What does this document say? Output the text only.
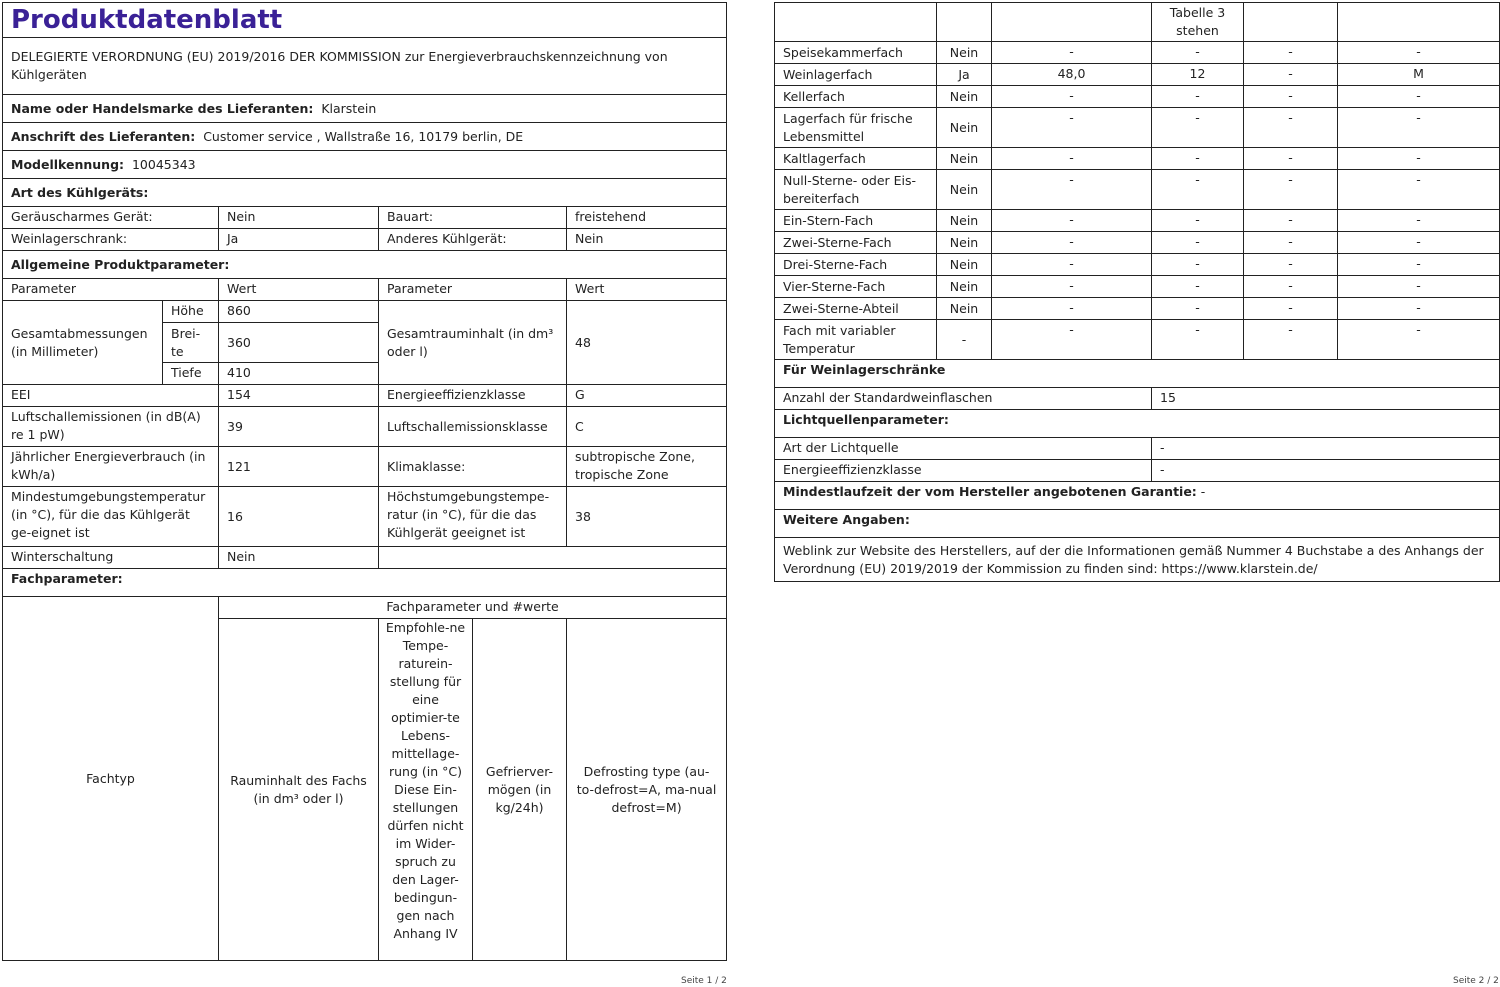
Produktdatenblatt					
DELEGIERTE VERORDNUNG (EU) 2019/2016 DER KOMMISSION zur Energieverbrauchskennzeichnung von Kühlgeräten					
Name oder Handelsmarke des Lieferanten: Klarstein					
Anschrift des Lieferanten: Customer service , Wallstraße 16, 10179 berlin, DE					
Modellkennung: 10045343					
Art des Kühlgeräts:					
Geräuscharmes Gerät:		Nein	Bauart:		freistehend
Weinlagerschrank:		Ja	Anderes Kühlgerät:		Nein
Allgemeine Produktparameter:					
Parameter		Wert	Parameter		Wert
Gesamtabmessungen (in Millimeter)	Höhe	860	Gesamtrauminhalt (in dm³ oder l)		48
	Brei-te	360			
	Tiefe	410			
EEI		154	Energieeffizienzklasse		G
Luftschallemissionen (in dB(A) re 1 pW)		39	Luftschallemissionsklasse		C
Jährlicher Energieverbrauch (in kWh/a)		121	Klimaklasse:		subtropische Zone, tropische Zone
Mindestumgebungstemperatur (in °C), für die das Kühlgerät ge-eignet ist		16	Höchstumgebungstempe-ratur (in °C), für die das Kühlgerät geeignet ist		38
Winterschaltung		Nein			
Fachparameter:					
Fachtyp		Fachparameter und #werte			
		Rauminhalt des Fachs (in dm³ oder l)	Empfohle-ne Tempe-raturein-stellung für eine optimier-te Lebens-mittellage-rung (in °C) Diese Ein-stellungen dürfen nicht im Wider-spruch zu den Lager-bedingun-gen nach Anhang IV	Gefrierver-mögen (in kg/24h)	Defrosting type (au-to-defrost=A, ma-nual defrost=M)
Seite 1 / 2
			Tabelle 3 stehen		
Speisekammerfach	Nein	-	-	-	-
Weinlagerfach	Ja	48,0	12	-	M
Kellerfach	Nein	-	-	-	-
Lagerfach für frische Lebensmittel	Nein	-	-	-	-
Kaltlagerfach	Nein	-	-	-	-
Null-Sterne- oder Eis-bereiterfach	Nein	-	-	-	-
Ein-Stern-Fach	Nein	-	-	-	-
Zwei-Sterne-Fach	Nein	-	-	-	-
Drei-Sterne-Fach	Nein	-	-	-	-
Vier-Sterne-Fach	Nein	-	-	-	-
Zwei-Sterne-Abteil	Nein	-	-	-	-
Fach mit variabler Temperatur	-	-	-	-	-
Für Weinlagerschränke					
Anzahl der Standardweinflaschen			15		
Lichtquellenparameter:					
Art der Lichtquelle			-		
Energieeffizienzklasse			-		
Mindestlaufzeit der vom Hersteller angebotenen Garantie: -					
Weitere Angaben:					
Weblink zur Website des Herstellers, auf der die Informationen gemäß Nummer 4 Buchstabe a des Anhangs der Verordnung (EU) 2019/2019 der Kommission zu finden sind: https://www.klarstein.de/					
Seite 2 / 2
